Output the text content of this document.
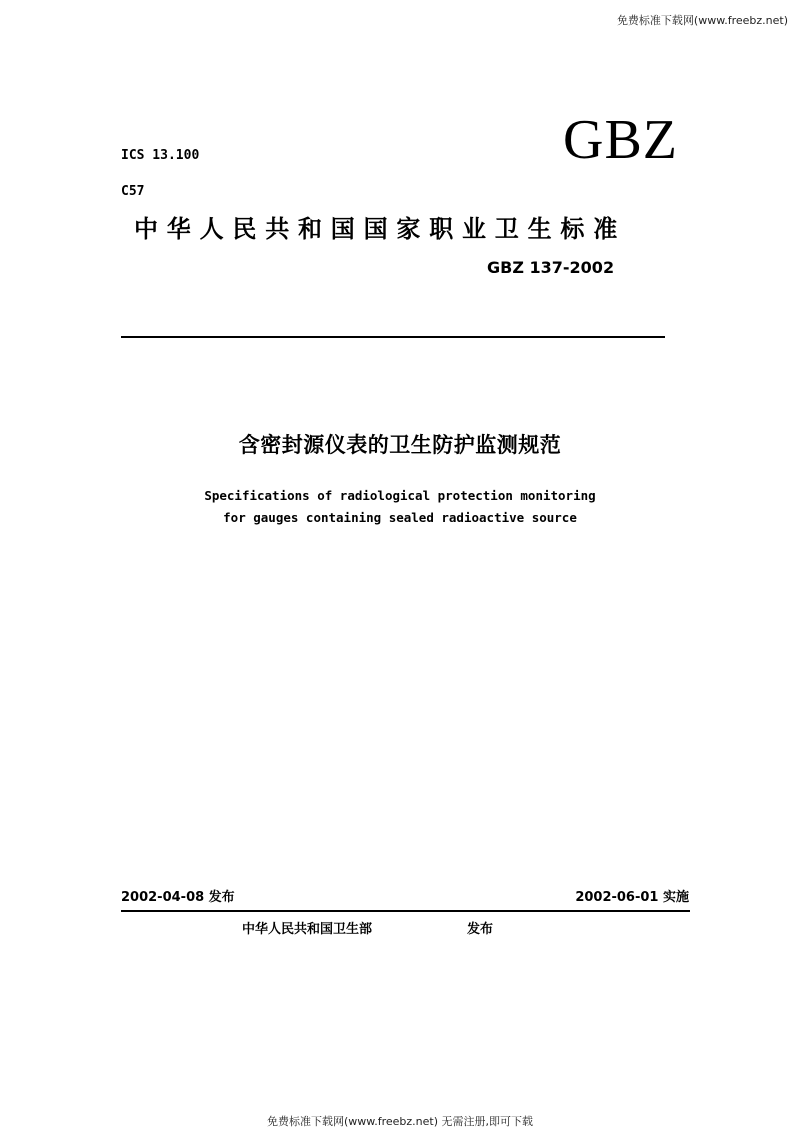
免费标准下载网(www.freebz.net)
ICS 13.100
C57
GBZ
中华人民共和国国家职业卫生标准
GBZ 137-2002
含密封源仪表的卫生防护监测规范
Specifications of radiological protection monitoring
for gauges containing sealed radioactive source
2002-04-08 发布	2002-06-01 实施
中华人民共和国卫生部	发布
免费标准下载网(www.freebz.net) 无需注册,即可下载
